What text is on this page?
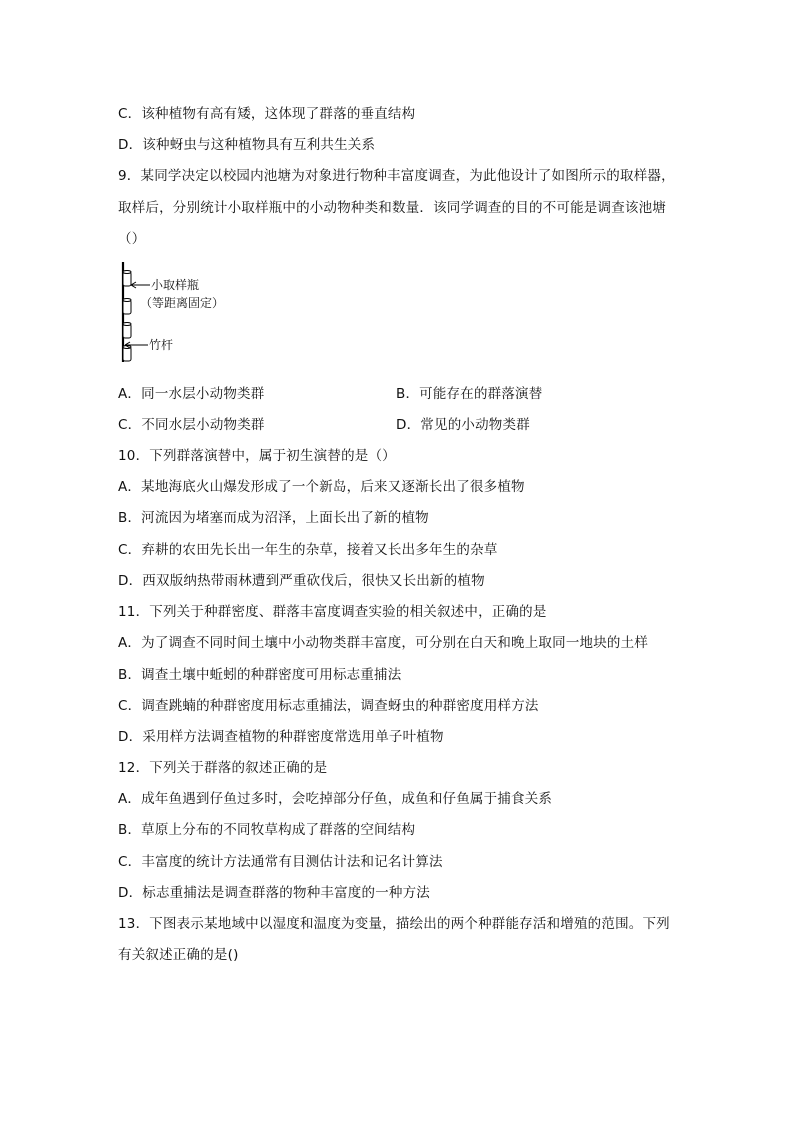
C．该种植物有高有矮，这体现了群落的垂直结构
D．该种蚜虫与这种植物具有互利共生关系
9．某同学决定以校园内池塘为对象进行物种丰富度调查，为此他设计了如图所示的取样器，
取样后，分别统计小取样瓶中的小动物种类和数量．该同学调查的目的不可能是调查该池塘
（）
小取样瓶
（等距离固定）
竹杆
A．同一水层小动物类群	B．可能存在的群落演替
C．不同水层小动物类群	D．常见的小动物类群
10．下列群落演替中，属于初生演替的是（）
A．某地海底火山爆发形成了一个新岛，后来又逐渐长出了很多植物
B．河流因为堵塞而成为沼泽，上面长出了新的植物
C．弃耕的农田先长出一年生的杂草，接着又长出多年生的杂草
D．西双版纳热带雨林遭到严重砍伐后，很快又长出新的植物
11．下列关于种群密度、群落丰富度调查实验的相关叙述中，正确的是
A．为了调查不同时间土壤中小动物类群丰富度，可分别在白天和晚上取同一地块的土样
B．调查土壤中蚯蚓的种群密度可用标志重捕法
C．调查跳蝻的种群密度用标志重捕法，调查蚜虫的种群密度用样方法
D．采用样方法调查植物的种群密度常选用单子叶植物
12．下列关于群落的叙述正确的是
A．成年鱼遇到仔鱼过多时，会吃掉部分仔鱼，成鱼和仔鱼属于捕食关系
B．草原上分布的不同牧草构成了群落的空间结构
C．丰富度的统计方法通常有目测估计法和记名计算法
D．标志重捕法是调查群落的物种丰富度的一种方法
13．下图表示某地域中以湿度和温度为变量，描绘出的两个种群能存活和增殖的范围。下列
有关叙述正确的是()
